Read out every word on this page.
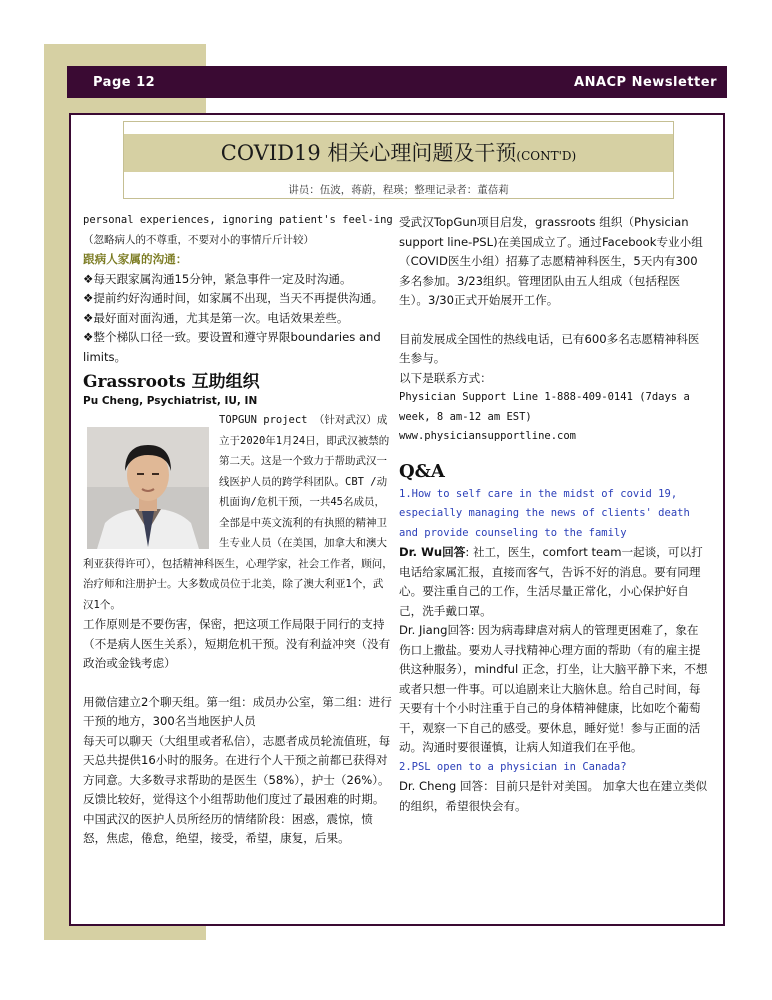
Page 12	ANACP Newsletter
COVID19 相关心理问题及干预(CONT'D)
讲员：伍波，蒋蔚，程瑛；整理记录者：董蓓莉

personal experiences, ignoring patient's feel-ing（忽略病人的不尊重，不要对小的事情斤斤计较）

跟病人家属的沟通：

❖每天跟家属沟通15分钟，紧急事件一定及时沟通。

❖提前约好沟通时间，如家属不出现，当天不再提供沟通。

❖最好面对面沟通，尤其是第一次。电话效果差些。

❖整个梯队口径一致。要设置和遵守界限boundaries and limits。

Grassroots 互助组织
Pu Cheng, Psychiatrist, IU, IN

TOPGUN project （针对武汉）成立于2020年1月24日，即武汉被禁的第二天。这是一个致力于帮助武汉一线医护人员的跨学科团队。CBT /动机面询/危机干预，一共45名成员，全部是中英文流利的有执照的精神卫生专业人员（在美国，加拿大和澳大利亚获得许可），包括精神科医生，心理学家，社会工作者，顾问，治疗师和注册护士。大多数成员位于北美，除了澳大利亚1个，武汉1个。

工作原则是不要伤害，保密，把这项工作局限于同行的支持（不是病人医生关系），短期危机干预。没有利益冲突（没有政治或金钱考虑）

用微信建立2个聊天组。第一组：成员办公室，第二组：进行干预的地方，300名当地医护人员

每天可以聊天（大组里或者私信），志愿者成员轮流值班，每天总共提供16小时的服务。在进行个人干预之前都已获得对方同意。大多数寻求帮助的是医生（58%），护士（26%）。反馈比较好，觉得这个小组帮助他们度过了最困难的时期。

中国武汉的医护人员所经历的情绪阶段：困惑，震惊，愤怒，焦虑，倦怠，绝望，接受，希望，康复，后果。

受武汉TopGun项目启发，grassroots 组织（Physician support line-PSL)在美国成立了。通过Facebook专业小组（COVID医生小组）招募了志愿精神科医生，5天内有300多名参加。3/23组织。管理团队由五人组成（包括程医生）。3/30正式开始展开工作。

目前发展成全国性的热线电话，已有600多名志愿精神科医生参与。

以下是联系方式：

Physician Support Line 1-888-409-0141 (7days a week, 8 am-12 am EST)

www.physiciansupportline.com

Q&A

1.How to self care in the midst of covid 19, especially managing the news of clients' death and provide counseling to the family

Dr. Wu回答: 社工，医生，comfort team一起谈，可以打电话给家属汇报，直接而客气，告诉不好的消息。要有同理心。要注重自己的工作，生活尽量正常化，小心保护好自己，洗手戴口罩。

Dr. Jiang回答: 因为病毒肆虐对病人的管理更困难了，象在伤口上撒盐。要劝人寻找精神心理方面的帮助（有的雇主提供这种服务），mindful 正念，打坐，让大脑平静下来，不想或者只想一件事。可以追剧来让大脑休息。给自己时间，每天要有十个小时注重于自己的身体精神健康，比如吃个葡萄干，观察一下自己的感受。要休息，睡好觉！参与正面的活动。沟通时要很谨慎，让病人知道我们在乎他。

2.PSL open to a physician in Canada?

Dr. Cheng 回答：目前只是针对美国。 加拿大也在建立类似的组织，希望很快会有。
